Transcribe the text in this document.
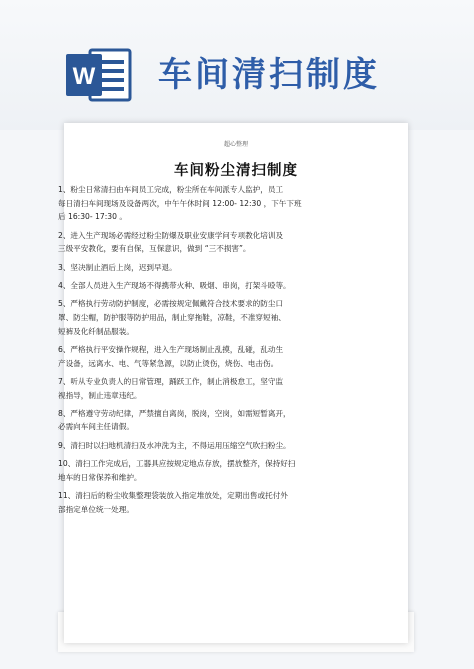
W 车间清扫制度
超心整理
车间粉尘清扫制度
1、粉尘日常清扫由车间员工完成，粉尘所在车间派专人监护，员工
每日清扫车间现场及设备两次，中午午休时间 12:00- 12:30 ，下午下班
后 16:30- 17:30 。
2、进入生产现场必需经过粉尘防爆及职业安康学问专项教化培训及
三级平安教化，要有自保，互保意识，做到 “三不损害”。
3、坚决制止酒后上岗，迟到早退。
4、全部人员进入生产现场不得携带火种、吸烟、串岗，打架斗殴等。
5、严格执行劳动防护制度，必需按规定佩戴符合技术要求的防尘口
罩、防尘帽，防护服等防护用品，制止穿拖鞋，凉鞋，不准穿短袖、
短裤及化纤制品服装。
6、严格执行平安操作规程，进入生产现场制止乱摸，乱碰，乱动生
产设备，远离水、电、气等紧急源，以防止烫伤，烧伤、电击伤。
7、听从专业负责人的日常管理，踊跃工作，制止消极怠工，坚守监
视指导，制止违章违纪。
8、严格遵守劳动纪律，严禁擅自离岗，脱岗，空岗，如需短暂离开，
必需向车间主任请假。
9、清扫时以扫地机清扫及水冲洗为主，不得运用压缩空气吹扫粉尘。
10、清扫工作完成后，工器具应按规定地点存放，摆放整齐，保持好扫
地车的日常保养和维护。
11、清扫后的粉尘收集整理袋装放入指定堆放处，定期出售或托付外
部指定单位统一处理。
